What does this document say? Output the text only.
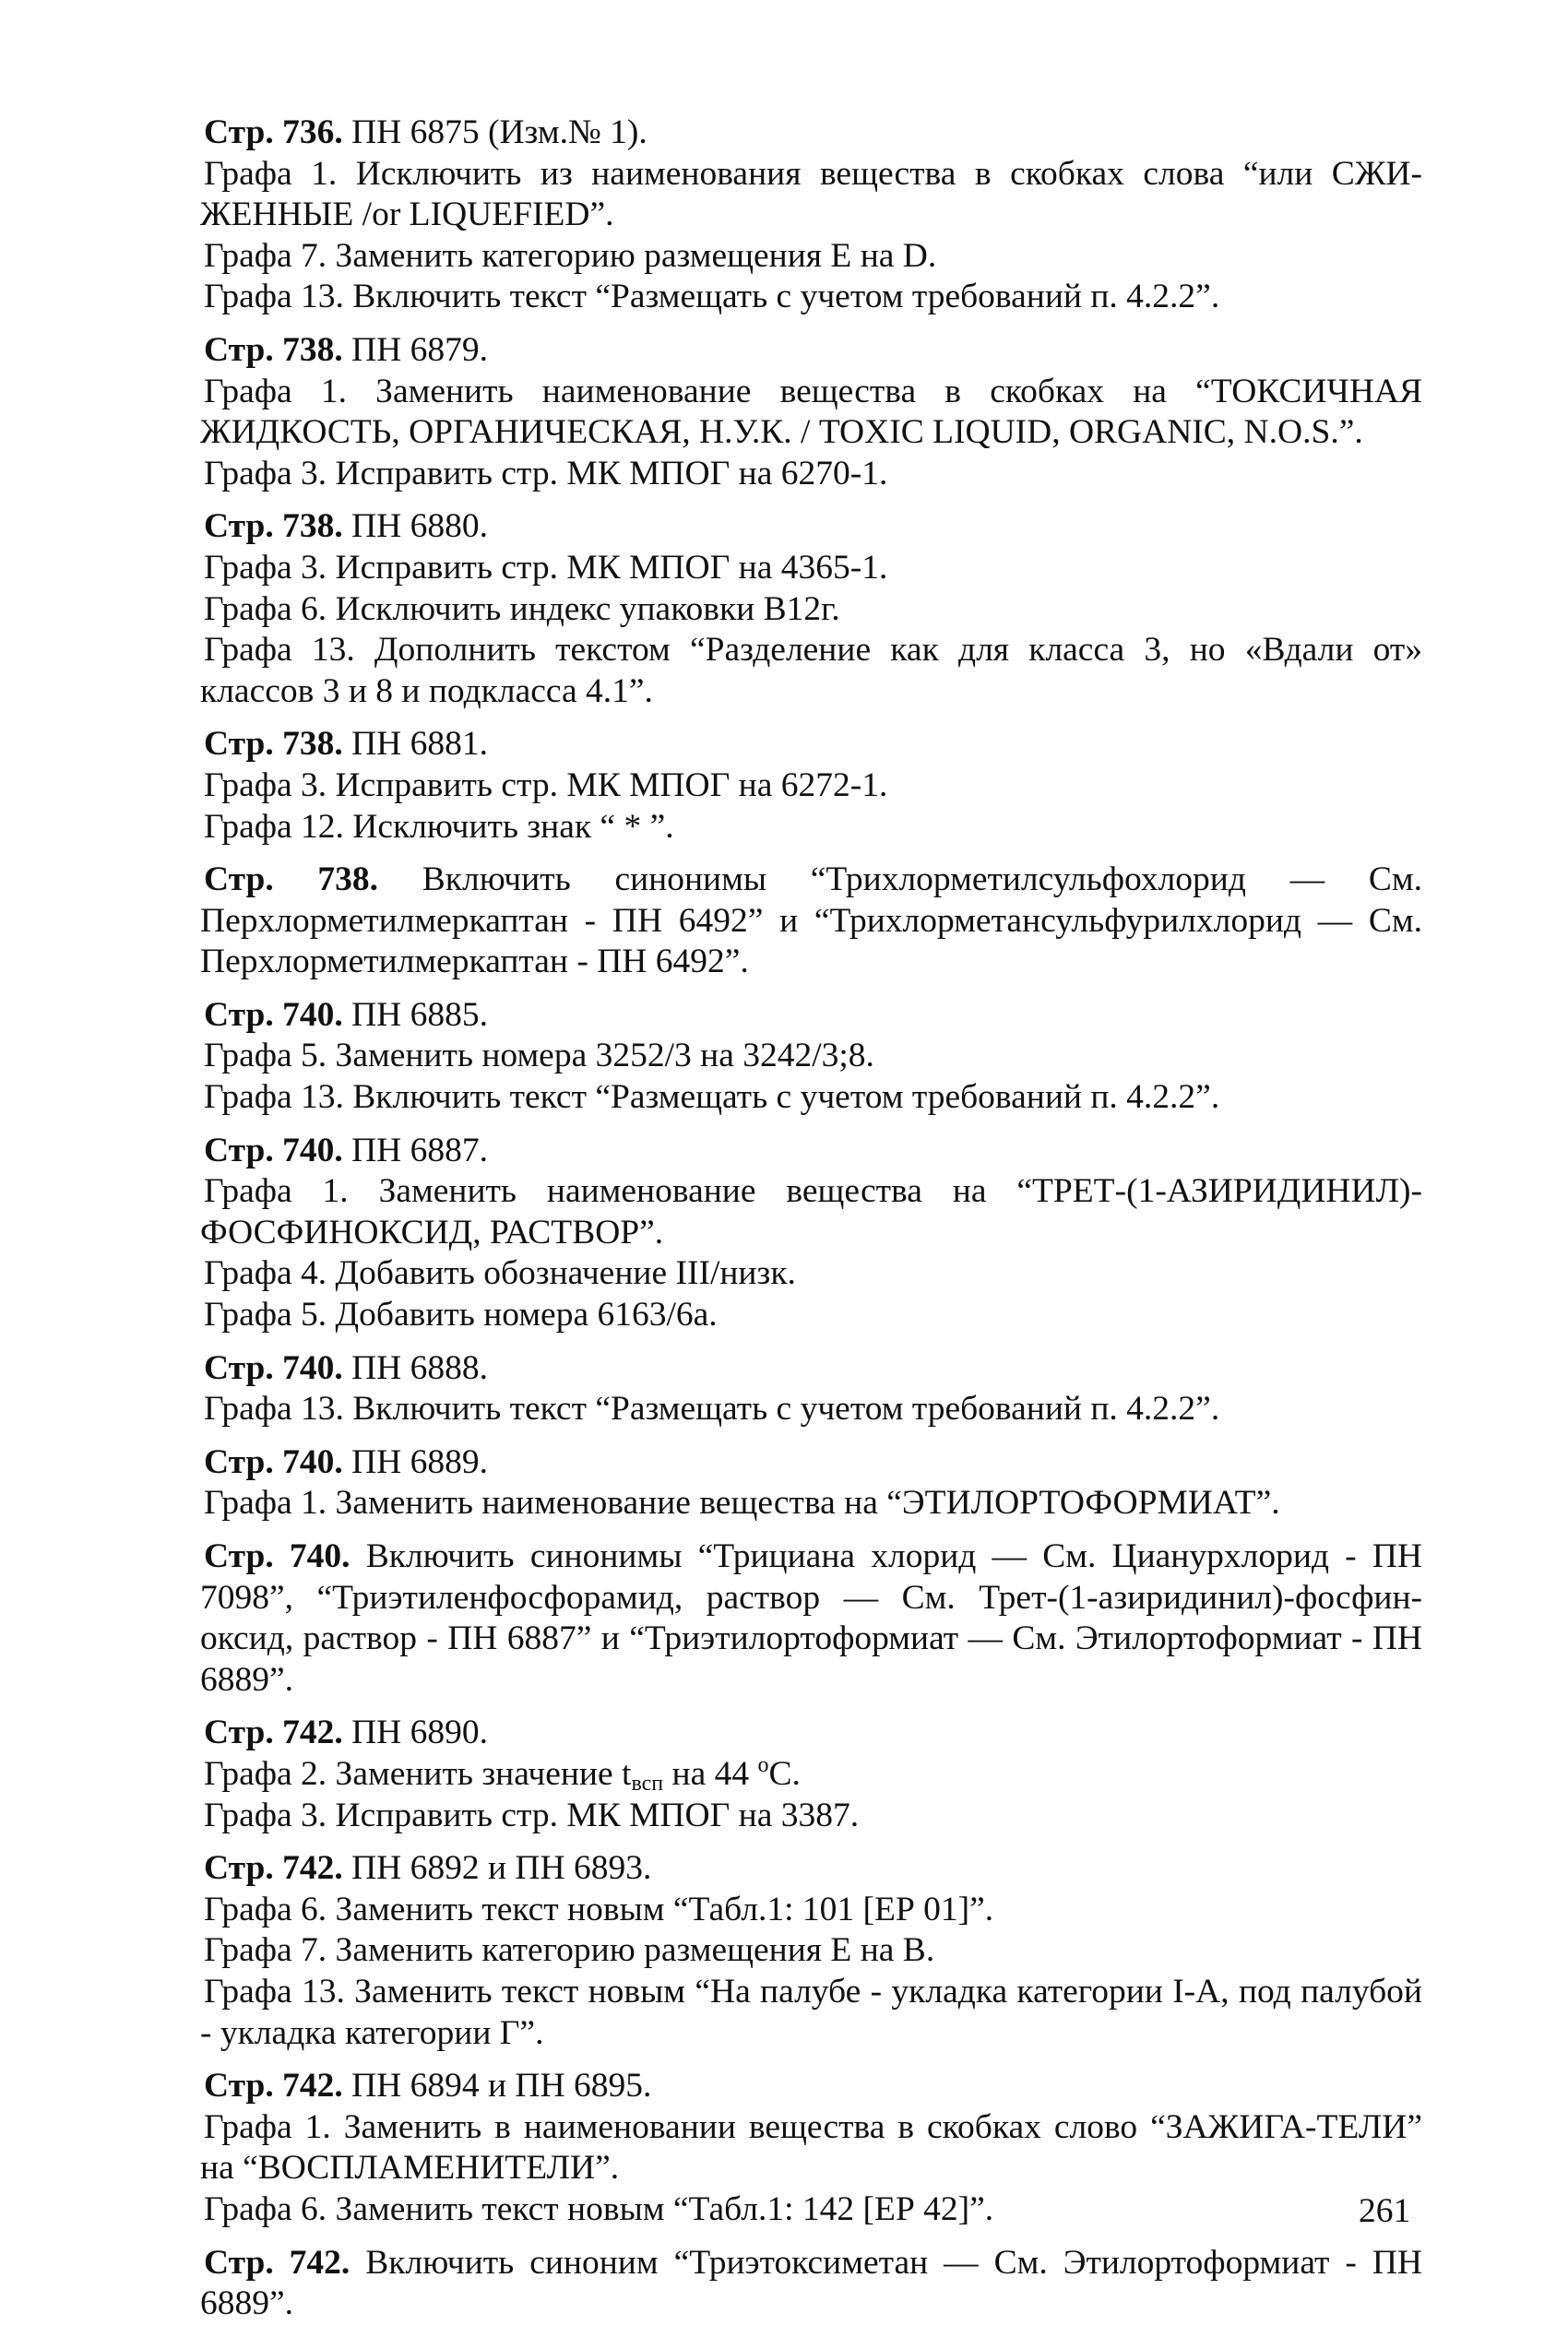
Стр. 736. ПН 6875 (Изм.№ 1).

Графа 1. Исключить из наименования вещества в скобках слова “или СЖИ-ЖЕННЫЕ /or LIQUEFIED”.

Графа 7. Заменить категорию размещения Е на D.

Графа 13. Включить текст “Размещать с учетом требований п. 4.2.2”.

Стр. 738. ПН 6879.

Графа 1. Заменить наименование вещества в скобках на “ТОКСИЧНАЯ ЖИДКОСТЬ, ОРГАНИЧЕСКАЯ, Н.У.К. / TOXIC LIQUID, ORGANIC, N.O.S.”.

Графа 3. Исправить стр. МК МПОГ на 6270-1.

Стр. 738. ПН 6880.

Графа 3. Исправить стр. МК МПОГ на 4365-1.

Графа 6. Исключить индекс упаковки В12г.

Графа 13. Дополнить текстом “Разделение как для класса 3, но «Вдали от» классов 3 и 8 и подкласса 4.1”.

Стр. 738. ПН 6881.

Графа 3. Исправить стр. МК МПОГ на 6272-1.

Графа 12. Исключить знак “ * ”.

Стр. 738. Включить синонимы “Трихлорметилсульфохлорид — См. Перхлорметилмеркаптан - ПН 6492” и “Трихлорметансульфурилхлорид — См. Перхлорметилмеркаптан - ПН 6492”.

Стр. 740. ПН 6885.

Графа 5. Заменить номера 3252/3 на 3242/3;8.

Графа 13. Включить текст “Размещать с учетом требований п. 4.2.2”.

Стр. 740. ПН 6887.

Графа 1. Заменить наименование вещества на “ТРЕТ-(1-АЗИРИДИНИЛ)-ФОСФИНОКСИД, РАСТВОР”.

Графа 4. Добавить обозначение III/низк.

Графа 5. Добавить номера 6163/6а.

Стр. 740. ПН 6888.

Графа 13. Включить текст “Размещать с учетом требований п. 4.2.2”.

Стр. 740. ПН 6889.

Графа 1. Заменить наименование вещества на “ЭТИЛОРТОФОРМИАТ”.

Стр. 740. Включить синонимы “Трициана хлорид — См. Цианурхлорид - ПН 7098”, “Триэтиленфосфорамид, раствор — См. Трет-(1-азиридинил)-фосфин-оксид, раствор - ПН 6887” и “Триэтилортоформиат — См. Этилортоформиат - ПН 6889”.

Стр. 742. ПН 6890.

Графа 2. Заменить значение $t_{всп}$ на 44 $^о$С.

Графа 3. Исправить стр. МК МПОГ на 3387.

Стр. 742. ПН 6892 и ПН 6893.

Графа 6. Заменить текст новым “Табл.1: 101 [ЕР 01]”.

Графа 7. Заменить категорию размещения Е на В.

Графа 13. Заменить текст новым “На палубе - укладка категории I-А, под палубой - укладка категории Г”.

Стр. 742. ПН 6894 и ПН 6895.

Графа 1. Заменить в наименовании вещества в скобках слово “ЗАЖИГА-ТЕЛИ” на “ВОСПЛАМЕНИТЕЛИ”.

Графа 6. Заменить текст новым “Табл.1: 142 [ЕР 42]”.

Стр. 742. Включить синоним “Триэтоксиметан — См. Этилортоформиат - ПН 6889”.

261
